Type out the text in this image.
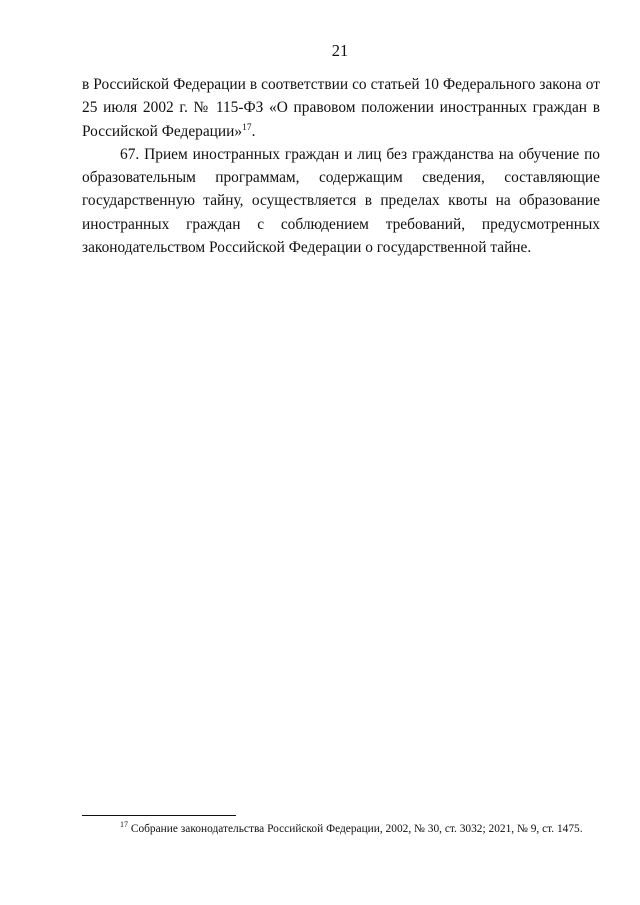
21

в Российской Федерации в соответствии со статьей 10 Федерального закона от 25 июля 2002 г. № 115-ФЗ «О правовом положении иностранных граждан в Российской Федерации»$^{17}$.

67. Прием иностранных граждан и лиц без гражданства на обучение по образовательным программам, содержащим сведения, составляющие государственную тайну, осуществляется в пределах квоты на образование иностранных граждан с соблюдением требований, предусмотренных законодательством Российской Федерации о государственной тайне.

$^{17}$ Собрание законодательства Российской Федерации, 2002, № 30, ст. 3032; 2021, № 9, ст. 1475.
